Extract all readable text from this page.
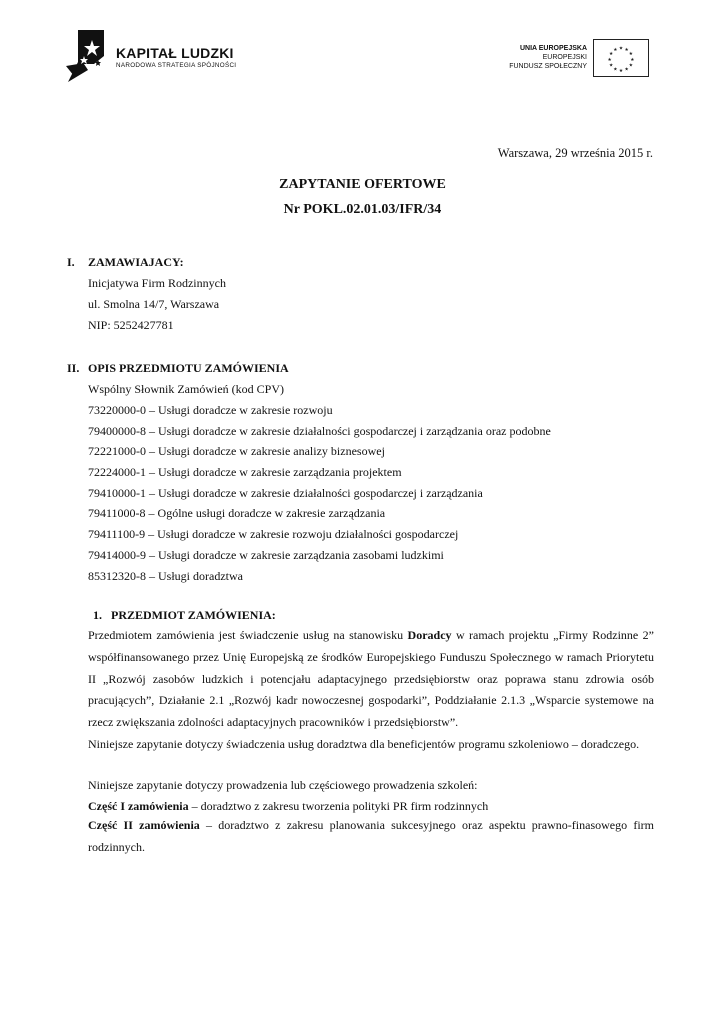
KAPITAŁ LUDZKI
NARODOWA STRATEGIA SPÓJNOŚCI
UNIA EUROPEJSKA
EUROPEJSKI
FUNDUSZ SPOŁECZNY
★ ★
★
★
★
★
★
★
★
★
★
★
Warszawa, 29 września 2015 r.
ZAPYTANIE OFERTOWE
Nr POKL.02.01.03/IFR/34
I. ZAMAWIAJACY:
Inicjatywa Firm Rodzinnych
ul. Smolna 14/7, Warszawa
NIP: 5252427781
II. OPIS PRZEDMIOTU ZAMÓWIENIA
Wspólny Słownik Zamówień (kod CPV)
73220000-0 – Usługi doradcze w zakresie rozwoju
79400000-8 – Usługi doradcze w zakresie działalności gospodarczej i zarządzania oraz podobne
72221000-0 – Usługi doradcze w zakresie analizy biznesowej
72224000-1 – Usługi doradcze w zakresie zarządzania projektem
79410000-1 – Usługi doradcze w zakresie działalności gospodarczej i zarządzania
79411000-8 – Ogólne usługi doradcze w zakresie zarządzania
79411100-9 – Usługi doradcze w zakresie rozwoju działalności gospodarczej
79414000-9 – Usługi doradcze w zakresie zarządzania zasobami ludzkimi
85312320-8 – Usługi doradztwa
1.   PRZEDMIOT ZAMÓWIENIA:
Przedmiotem zamówienia jest świadczenie usług na stanowisku Doradcy w ramach projektu „Firmy Rodzinne 2” współfinansowanego przez Unię Europejską ze środków Europejskiego Funduszu Społecznego w ramach Priorytetu II „Rozwój zasobów ludzkich i potencjału adaptacyjnego przedsiębiorstw oraz poprawa stanu zdrowia osób pracujących”, Działanie 2.1 „Rozwój kadr nowoczesnej gospodarki”, Poddziałanie 2.1.3 „Wsparcie systemowe na rzecz zwiększania zdolności adaptacyjnych pracowników i przedsiębiorstw”.
Niniejsze zapytanie dotyczy świadczenia usług doradztwa dla beneficjentów programu szkoleniowo – doradczego.
Niniejsze zapytanie dotyczy prowadzenia lub częściowego prowadzenia szkoleń:
Część I zamówienia – doradztwo z zakresu tworzenia polityki PR firm rodzinnych
Część II zamówienia – doradztwo z zakresu planowania sukcesyjnego oraz aspektu prawno-finasowego firm rodzinnych.
